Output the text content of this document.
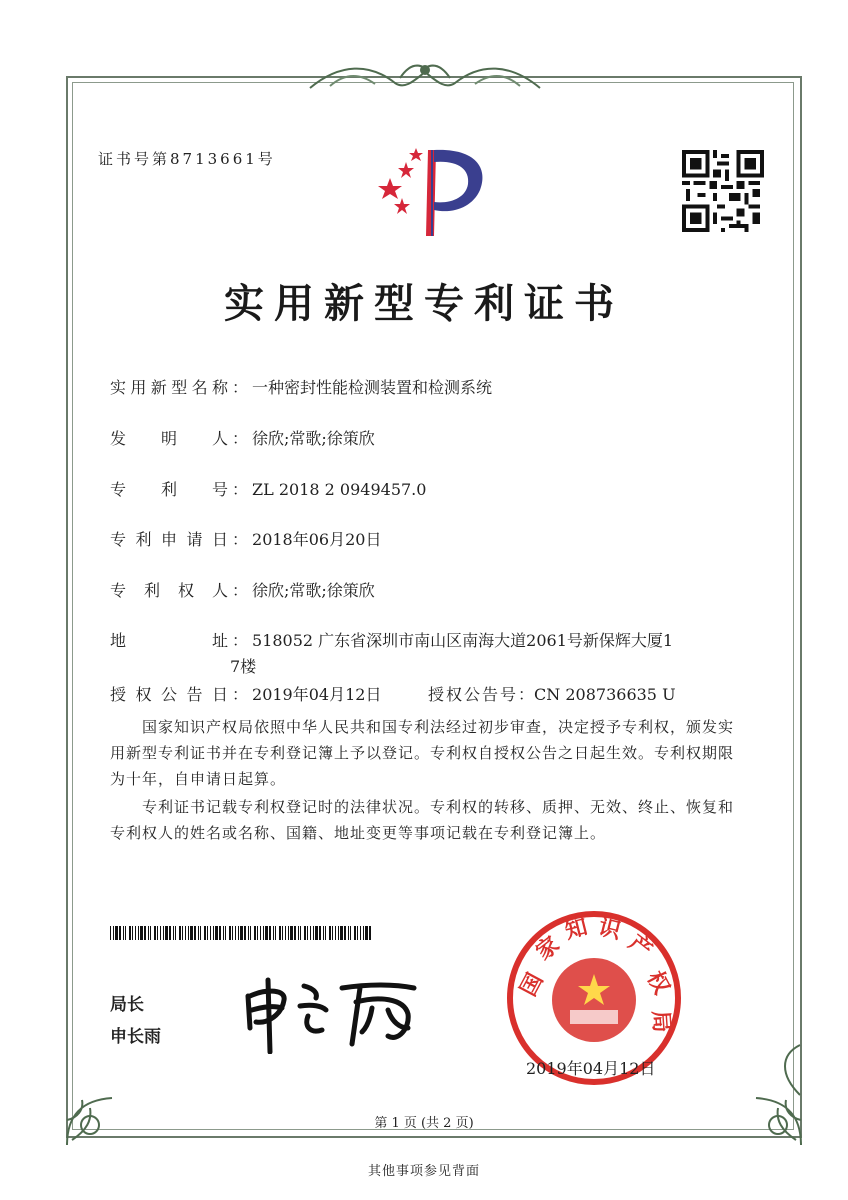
证书号第8713661号
实用新型专利证书
实用新型名称 ： 一种密封性能检测装置和检测系统
发明人 ： 徐欣;常歌;徐策欣
专利号 ： ZL 2018 2 0949457.0
专利申请日 ： 2018年06月20日
专利权人 ： 徐欣;常歌;徐策欣
地址 ： 518052 广东省深圳市南山区南海大道2061号新保辉大厦1
7楼
授权公告日 ： 2019年04月12日	授权公告号：CN 208736635 U
国家知识产权局依照中华人民共和国专利法经过初步审查，决定授予专利权，颁发实用新型专利证书并在专利登记簿上予以登记。专利权自授权公告之日起生效。专利权期限为十年，自申请日起算。
专利证书记载专利权登记时的法律状况。专利权的转移、质押、无效、终止、恢复和专利权人的姓名或名称、国籍、地址变更等事项记载在专利登记簿上。
局长
申长雨
国
家
知 识
产
权
局
2019年04月12日
第 1 页 (共 2 页)
其他事项参见背面
